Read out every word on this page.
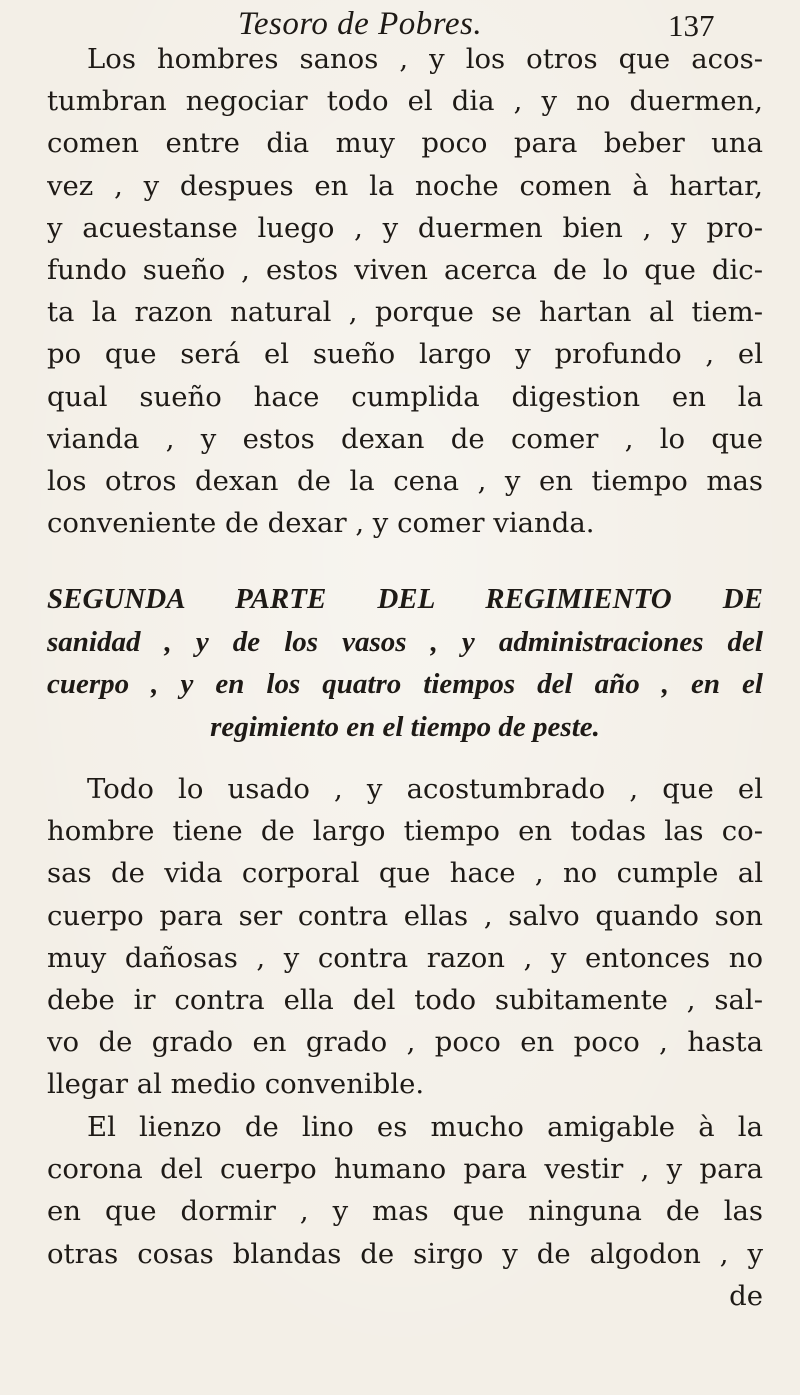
Tesoro de Pobres.	137
Los hombres sanos , y los otros que acos-
tumbran negociar todo el dia , y no duermen,
comen entre dia muy poco para beber una
vez , y despues en la noche comen à hartar,
y acuestanse luego , y duermen bien , y pro-
fundo sueño , estos viven acerca de lo que dic-
ta la razon natural , porque se hartan al tiem-
po que será el sueño largo y profundo , el
qual sueño hace cumplida digestion en la
vianda , y estos dexan de comer , lo que
los otros dexan de la cena , y en tiempo mas
conveniente de dexar , y comer vianda.
SEGUNDA PARTE DEL REGIMIENTO DE
sanidad , y de los vasos , y administraciones del
cuerpo , y en los quatro tiempos del año , en el
regimiento en el tiempo de peste.
Todo lo usado , y acostumbrado , que el
hombre tiene de largo tiempo en todas las co-
sas de vida corporal que hace , no cumple al
cuerpo para ser contra ellas , salvo quando son
muy dañosas , y contra razon , y entonces no
debe ir contra ella del todo subitamente , sal-
vo de grado en grado , poco en poco , hasta
llegar al medio convenible.
El lienzo de lino es mucho amigable à la
corona del cuerpo humano para vestir , y para
en que dormir , y mas que ninguna de las
otras cosas blandas de sirgo y de algodon , y
de
